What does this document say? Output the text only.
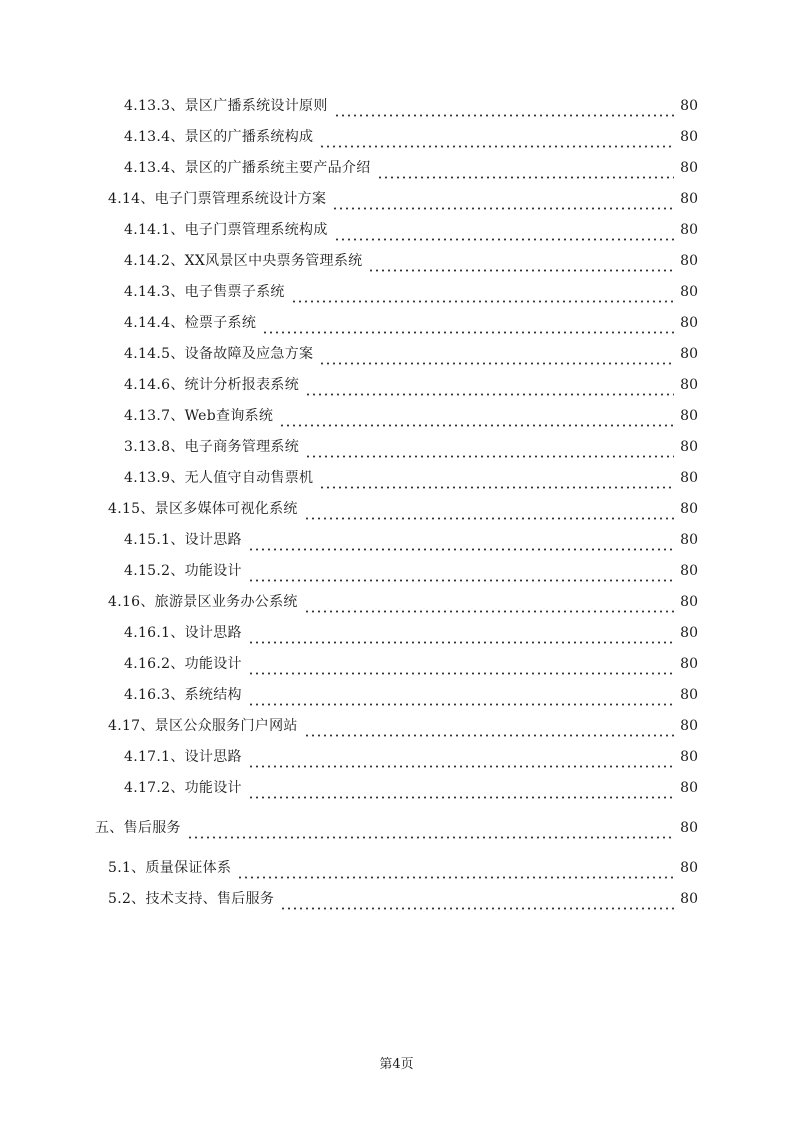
4.13.3、景区广播系统设计原则	80
4.13.4、景区的广播系统构成	80
4.13.4、景区的广播系统主要产品介绍	80
4.14、电子门票管理系统设计方案	80
4.14.1、电子门票管理系统构成	80
4.14.2、XX风景区中央票务管理系统	80
4.14.3、电子售票子系统	80
4.14.4、检票子系统	80
4.14.5、设备故障及应急方案	80
4.14.6、统计分析报表系统	80
4.13.7、Web查询系统	80
3.13.8、电子商务管理系统	80
4.13.9、无人值守自动售票机	80
4.15、景区多媒体可视化系统	80
4.15.1、设计思路	80
4.15.2、功能设计	80
4.16、旅游景区业务办公系统	80
4.16.1、设计思路	80
4.16.2、功能设计	80
4.16.3、系统结构	80
4.17、景区公众服务门户网站	80
4.17.1、设计思路	80
4.17.2、功能设计	80
五、售后服务	80
5.1、质量保证体系	80
5.2、技术支持、售后服务	80
第4页
